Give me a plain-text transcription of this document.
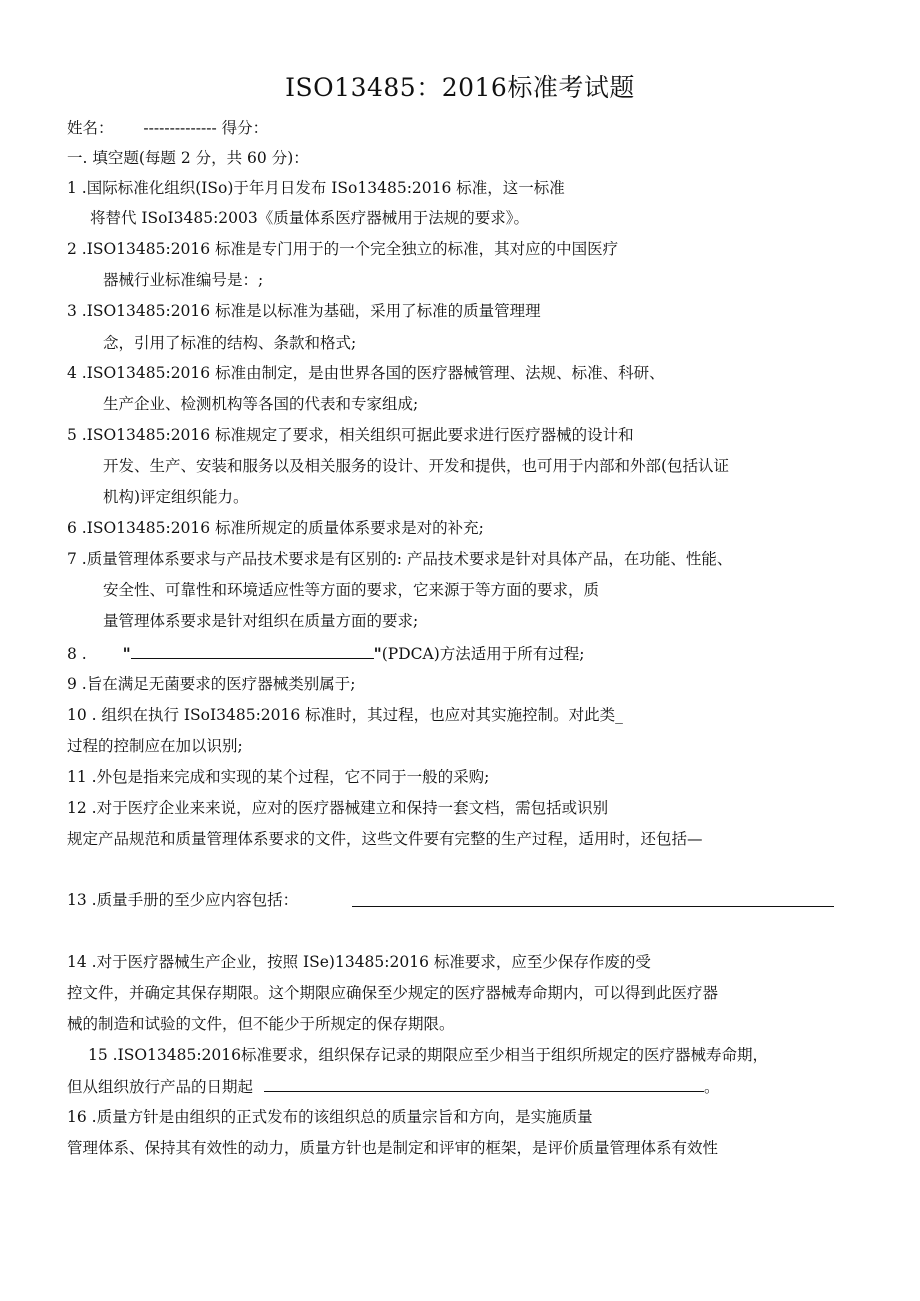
ISO13485：2016标准考试题
姓名： -------------- 得分：
一. 填空题(每题 2 分，共 60 分)：
1 .国际标准化组织(ISo)于年月日发布 ISo13485:2016 标准，这一标准
将替代 ISoI3485:2003《质量体系医疗器械用于法规的要求》。
2 .ISO13485:2016 标准是专门用于的一个完全独立的标准，其对应的中国医疗
器械行业标准编号是：;
3 .ISO13485:2016 标准是以标准为基础，采用了标准的质量管理理
念，引用了标准的结构、条款和格式;
4 .ISO13485:2016 标准由制定，是由世界各国的医疗器械管理、法规、标准、科研、
生产企业、检测机构等各国的代表和专家组成;
5 .ISO13485:2016 标准规定了要求，相关组织可据此要求进行医疗器械的设计和
开发、生产、安装和服务以及相关服务的设计、开发和提供，也可用于内部和外部(包括认证
机构)评定组织能力。
6 .ISO13485:2016 标准所规定的质量体系要求是对的补充;
7 .质量管理体系要求与产品技术要求是有区别的: 产品技术要求是针对具体产品，在功能、性能、
安全性、可靠性和环境适应性等方面的要求，它来源于等方面的要求，质
量管理体系要求是针对组织在质量方面的要求;
8 . "	"(PDCA)方法适用于所有过程;
9 .旨在满足无菌要求的医疗器械类别属于;
10 . 组织在执行 ISoI3485:2016 标准时，其过程，也应对其实施控制。对此类_
过程的控制应在加以识别;
11 .外包是指来完成和实现的某个过程，它不同于一般的采购;
12 .对于医疗企业来来说，应对的医疗器械建立和保持一套文档，需包括或识别
规定产品规范和质量管理体系要求的文件，这些文件要有完整的生产过程，适用时，还包括—
13 .质量手册的至少应内容包括：
14 .对于医疗器械生产企业，按照 ISe)13485:2016 标准要求，应至少保存作废的受
控文件，并确定其保存期限。这个期限应确保至少规定的医疗器械寿命期内，可以得到此医疗器
械的制造和试验的文件，但不能少于所规定的保存期限。
15 .ISO13485:2016标准要求，组织保存记录的期限应至少相当于组织所规定的医疗器械寿命期，
但从组织放行产品的日期起	。
16 .质量方针是由组织的正式发布的该组织总的质量宗旨和方向，是实施质量
管理体系、保持其有效性的动力，质量方针也是制定和评审的框架，是评价质量管理体系有效性
